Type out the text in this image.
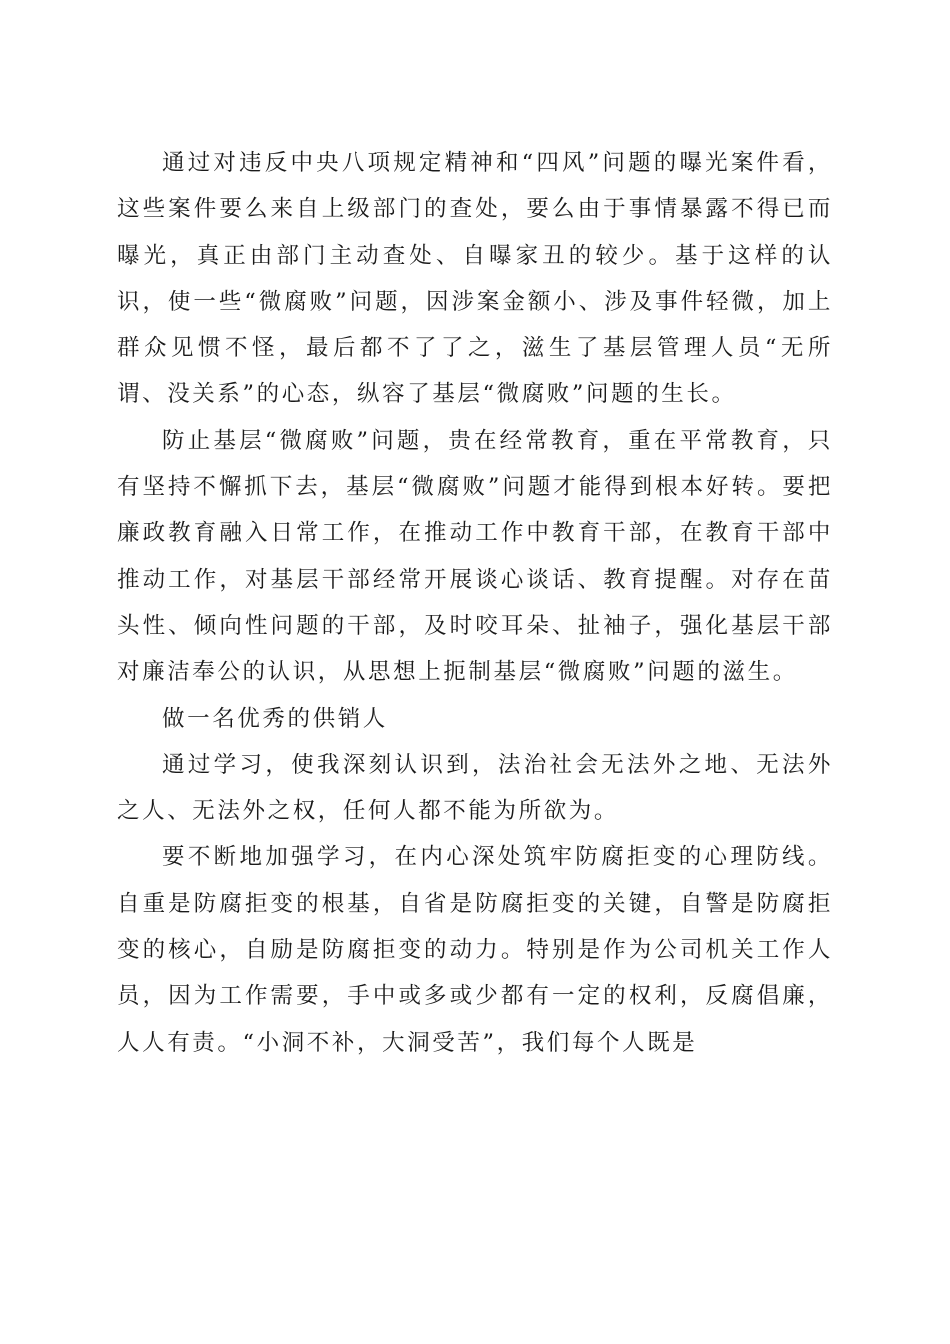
通过对违反中央八项规定精神和“四风”问题的曝光案件看，这些案件要么来自上级部门的查处，要么由于事情暴露不得已而曝光，真正由部门主动查处、自曝家丑的较少。基于这样的认识，使一些“微腐败”问题，因涉案金额小、涉及事件轻微，加上群众见惯不怪，最后都不了了之，滋生了基层管理人员“无所谓、没关系”的心态，纵容了基层“微腐败”问题的生长。

防止基层“微腐败”问题，贵在经常教育，重在平常教育，只有坚持不懈抓下去，基层“微腐败”问题才能得到根本好转。要把廉政教育融入日常工作，在推动工作中教育干部，在教育干部中推动工作，对基层干部经常开展谈心谈话、教育提醒。对存在苗头性、倾向性问题的干部，及时咬耳朵、扯袖子，强化基层干部对廉洁奉公的认识，从思想上扼制基层“微腐败”问题的滋生。

做一名优秀的供销人

通过学习，使我深刻认识到，法治社会无法外之地、无法外之人、无法外之权，任何人都不能为所欲为。

要不断地加强学习，在内心深处筑牢防腐拒变的心理防线。自重是防腐拒变的根基，自省是防腐拒变的关键，自警是防腐拒变的核心，自励是防腐拒变的动力。特别是作为公司机关工作人员，因为工作需要，手中或多或少都有一定的权利，反腐倡廉，人人有责。“小洞不补，大洞受苦”，我们每个人既是
